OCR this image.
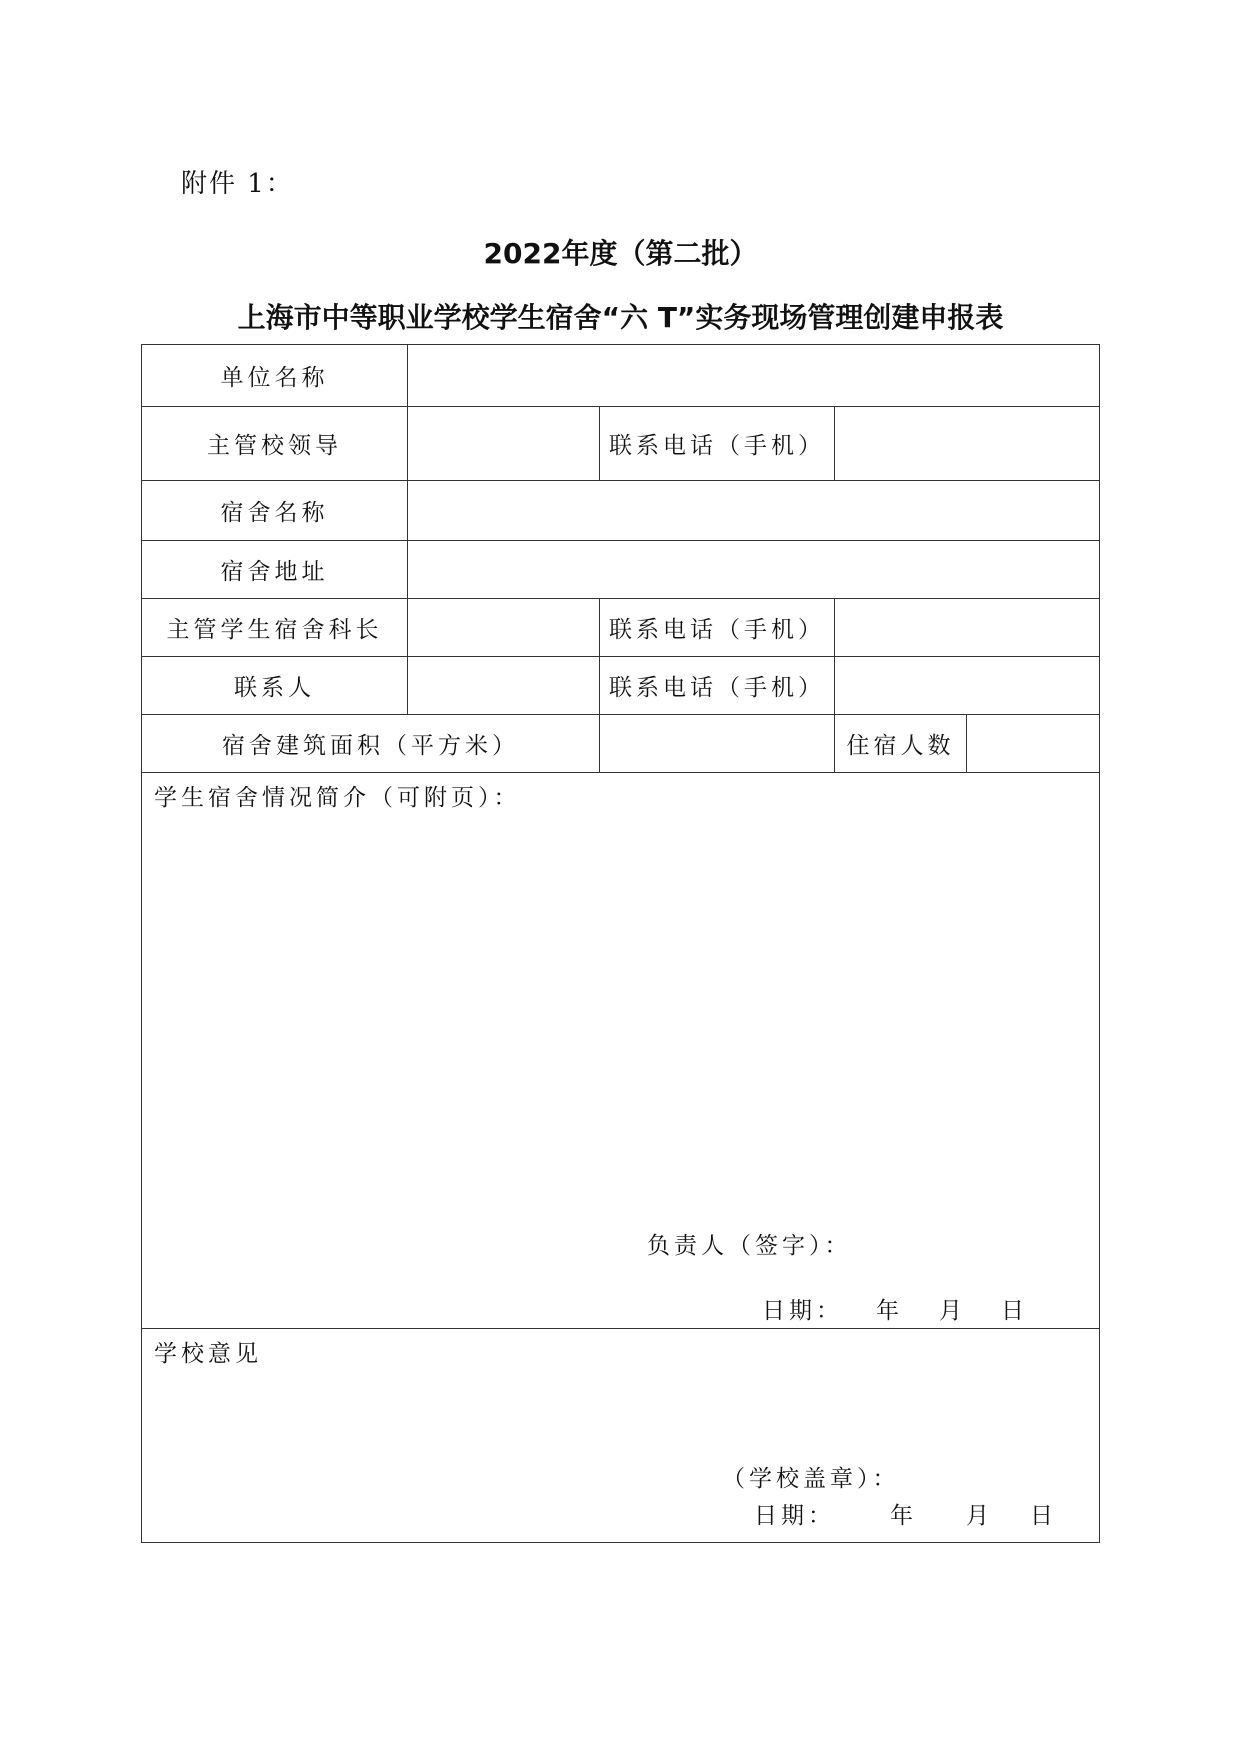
附件 1：
2022年度（第二批）
上海市中等职业学校学生宿舍“六 T”实务现场管理创建申报表
单位名称
主管校领导	联系电话（手机）
宿舍名称
宿舍地址
主管学生宿舍科长	联系电话（手机）
联系人	联系电话（手机）
宿舍建筑面积（平方米）	住宿人数
学生宿舍情况简介（可附页）：
负责人（签字）：
日期： 年 月 日
学校意见
（学校盖章）：
日期： 年 月 日
